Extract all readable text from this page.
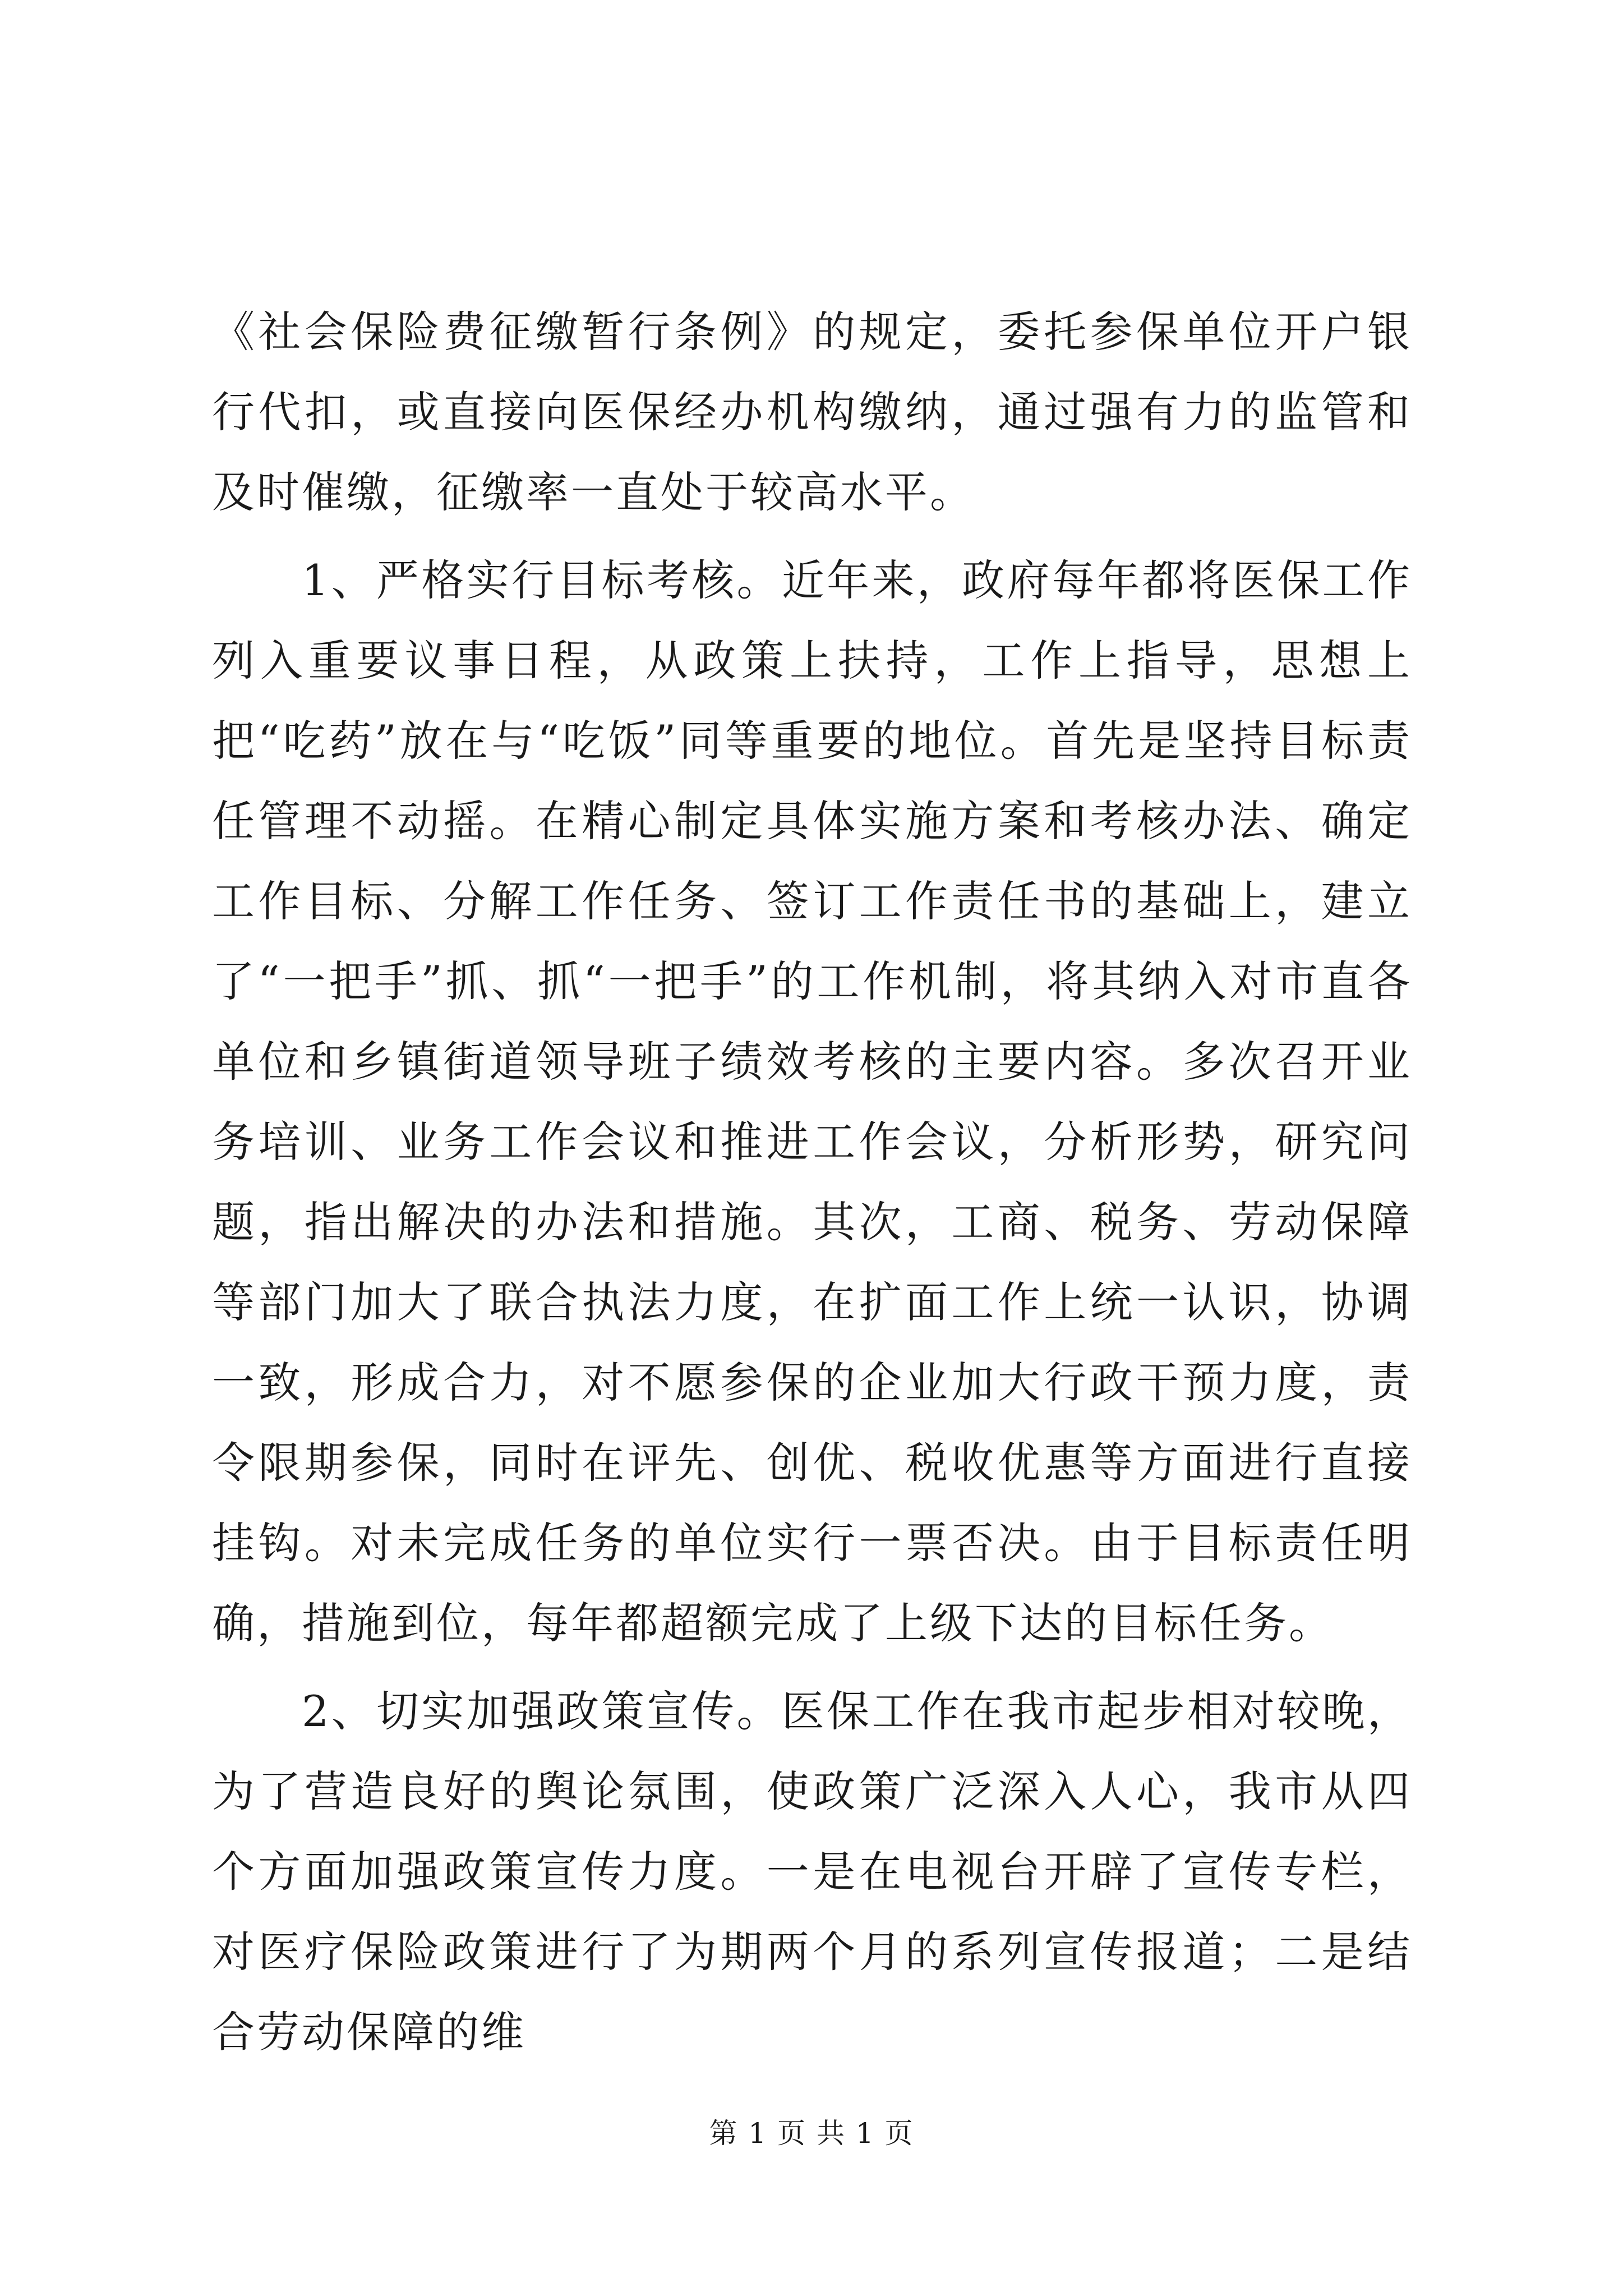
《社会保险费征缴暂行条例》的规定，委托参保单位开户银行代扣，或直接向医保经办机构缴纳，通过强有力的监管和及时催缴，征缴率一直处于较高水平。

1、严格实行目标考核。近年来，政府每年都将医保工作列入重要议事日程，从政策上扶持，工作上指导，思想上把“吃药”放在与“吃饭”同等重要的地位。首先是坚持目标责任管理不动摇。在精心制定具体实施方案和考核办法、确定工作目标、分解工作任务、签订工作责任书的基础上，建立了“一把手”抓、抓“一把手”的工作机制，将其纳入对市直各单位和乡镇街道领导班子绩效考核的主要内容。多次召开业务培训、业务工作会议和推进工作会议，分析形势，研究问题，指出解决的办法和措施。其次，工商、税务、劳动保障等部门加大了联合执法力度，在扩面工作上统一认识，协调一致，形成合力，对不愿参保的企业加大行政干预力度，责令限期参保，同时在评先、创优、税收优惠等方面进行直接挂钩。对未完成任务的单位实行一票否决。由于目标责任明确，措施到位，每年都超额完成了上级下达的目标任务。

2、切实加强政策宣传。医保工作在我市起步相对较晚，为了营造良好的舆论氛围，使政策广泛深入人心，我市从四个方面加强政策宣传力度。一是在电视台开辟了宣传专栏，对医疗保险政策进行了为期两个月的系列宣传报道；二是结合劳动保障的维

第 1 页 共 1 页
